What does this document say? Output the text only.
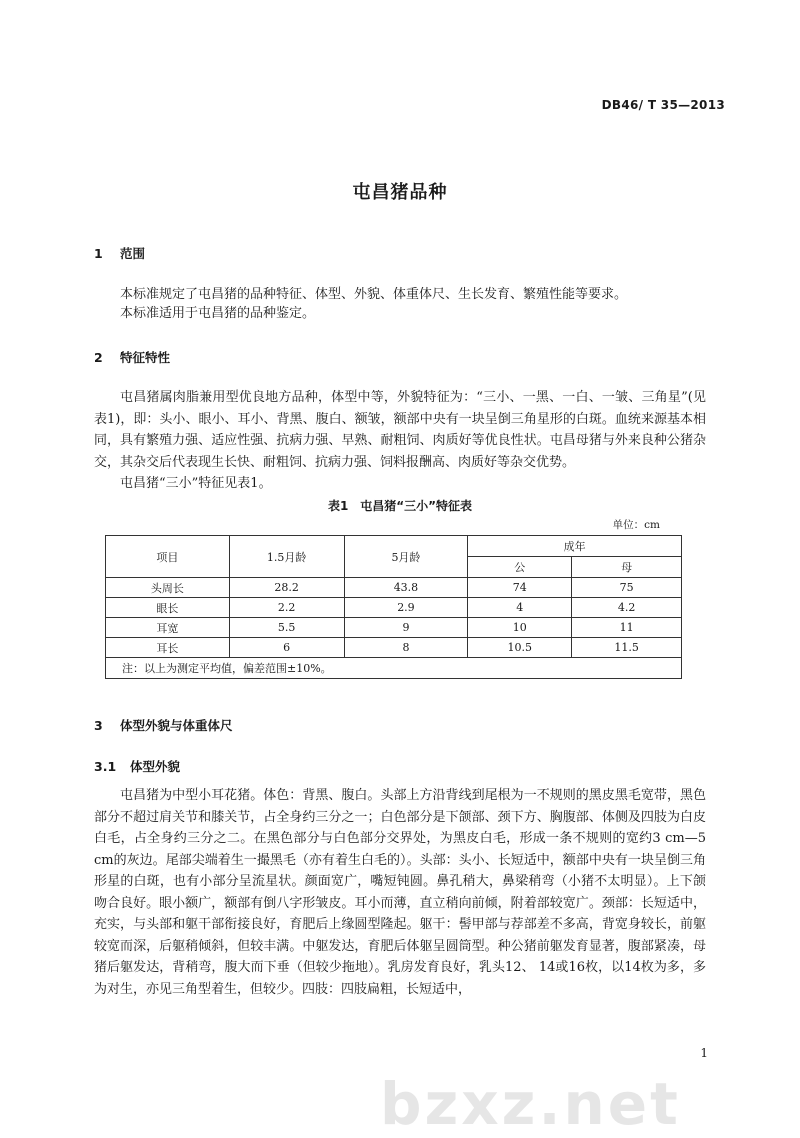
DB46/ T 35—2013
屯昌猪品种
1 范围

本标准规定了屯昌猪的品种特征、体型、外貌、体重体尺、生长发育、繁殖性能等要求。

本标准适用于屯昌猪的品种鉴定。

2 特征特性

屯昌猪属肉脂兼用型优良地方品种，体型中等，外貌特征为：“三小、一黑、一白、一皱、三角星”(见表1)，即：头小、眼小、耳小、背黑、腹白、额皱，额部中央有一块呈倒三角星形的白斑。血统来源基本相同，具有繁殖力强、适应性强、抗病力强、早熟、耐粗饲、肉质好等优良性状。屯昌母猪与外来良种公猪杂交，其杂交后代表现生长快、耐粗饲、抗病力强、饲料报酬高、肉质好等杂交优势。

屯昌猪“三小”特征见表1。

表1　屯昌猪“三小”特征表
单位：cm
项目	1.5月龄	5月龄	成年	
			公	母
头周长	28.2	43.8	74	75
眼长	2.2	2.9	4	4.2
耳宽	5.5	9	10	11
耳长	6	8	10.5	11.5
注：以上为测定平均值，偏差范围±10%。				
3 体型外貌与体重体尺
3.1 体型外貌

屯昌猪为中型小耳花猪。体色：背黑、腹白。头部上方沿背线到尾根为一不规则的黑皮黑毛宽带，黑色部分不超过肩关节和膝关节，占全身约三分之一；白色部分是下颌部、颈下方、胸腹部、体侧及四肢为白皮白毛，占全身约三分之二。在黑色部分与白色部分交界处，为黑皮白毛，形成一条不规则的宽约3 cm—5 cm的灰边。尾部尖端着生一撮黑毛（亦有着生白毛的）。头部：头小、长短适中，额部中央有一块呈倒三角形星的白斑，也有小部分呈流星状。颜面宽广，嘴短钝圆。鼻孔稍大，鼻梁稍弯（小猪不太明显）。上下颌吻合良好。眼小额广，额部有倒八字形皱皮。耳小而薄，直立稍向前倾，附着部较宽广。颈部：长短适中，充实，与头部和躯干部衔接良好，育肥后上缘圆型隆起。躯干：髻甲部与荐部差不多高，背宽身较长，前躯较宽而深，后躯稍倾斜，但较丰满。中躯发达，育肥后体躯呈圆筒型。种公猪前躯发育显著，腹部紧凑，母猪后躯发达，背稍弯，腹大而下垂（但较少拖地）。乳房发育良好，乳头12、 14或16枚，以14枚为多，多为对生，亦见三角型着生，但较少。四肢：四肢扁粗，长短适中，

1
bzxz.net
